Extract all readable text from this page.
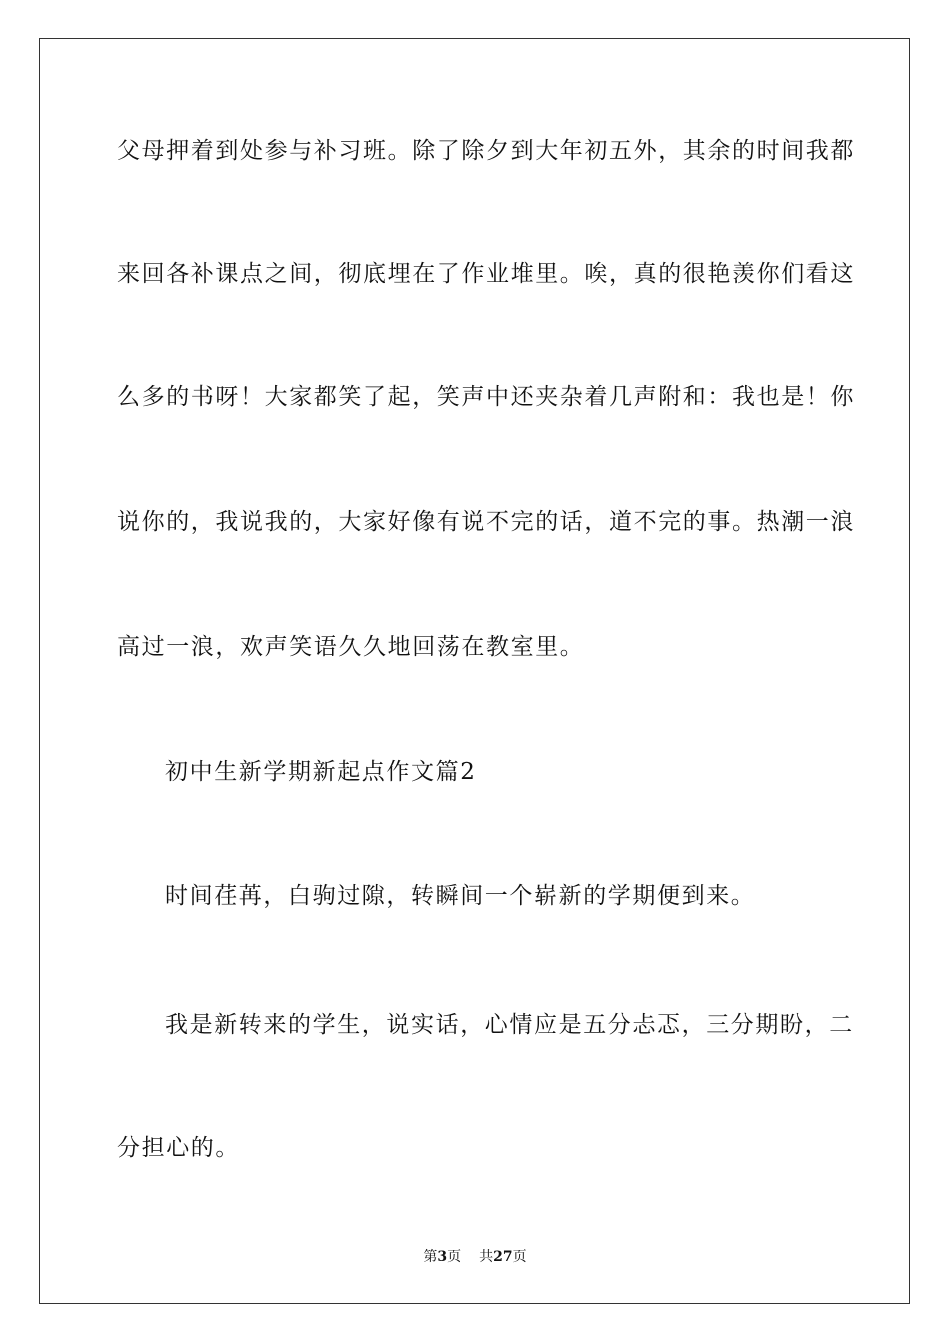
父母押着到处参与补习班。除了除夕到大年初五外，其余的时间我都
来回各补课点之间，彻底埋在了作业堆里。唉，真的很艳羡你们看这
么多的书呀！大家都笑了起，笑声中还夹杂着几声附和：我也是！你
说你的，我说我的，大家好像有说不完的话，道不完的事。热潮一浪
高过一浪，欢声笑语久久地回荡在教室里。
初中生新学期新起点作文篇2
时间荏苒，白驹过隙，转瞬间一个崭新的学期便到来。
我是新转来的学生，说实话，心情应是五分忐忑，三分期盼，二
分担心的。
第3页 共27页
